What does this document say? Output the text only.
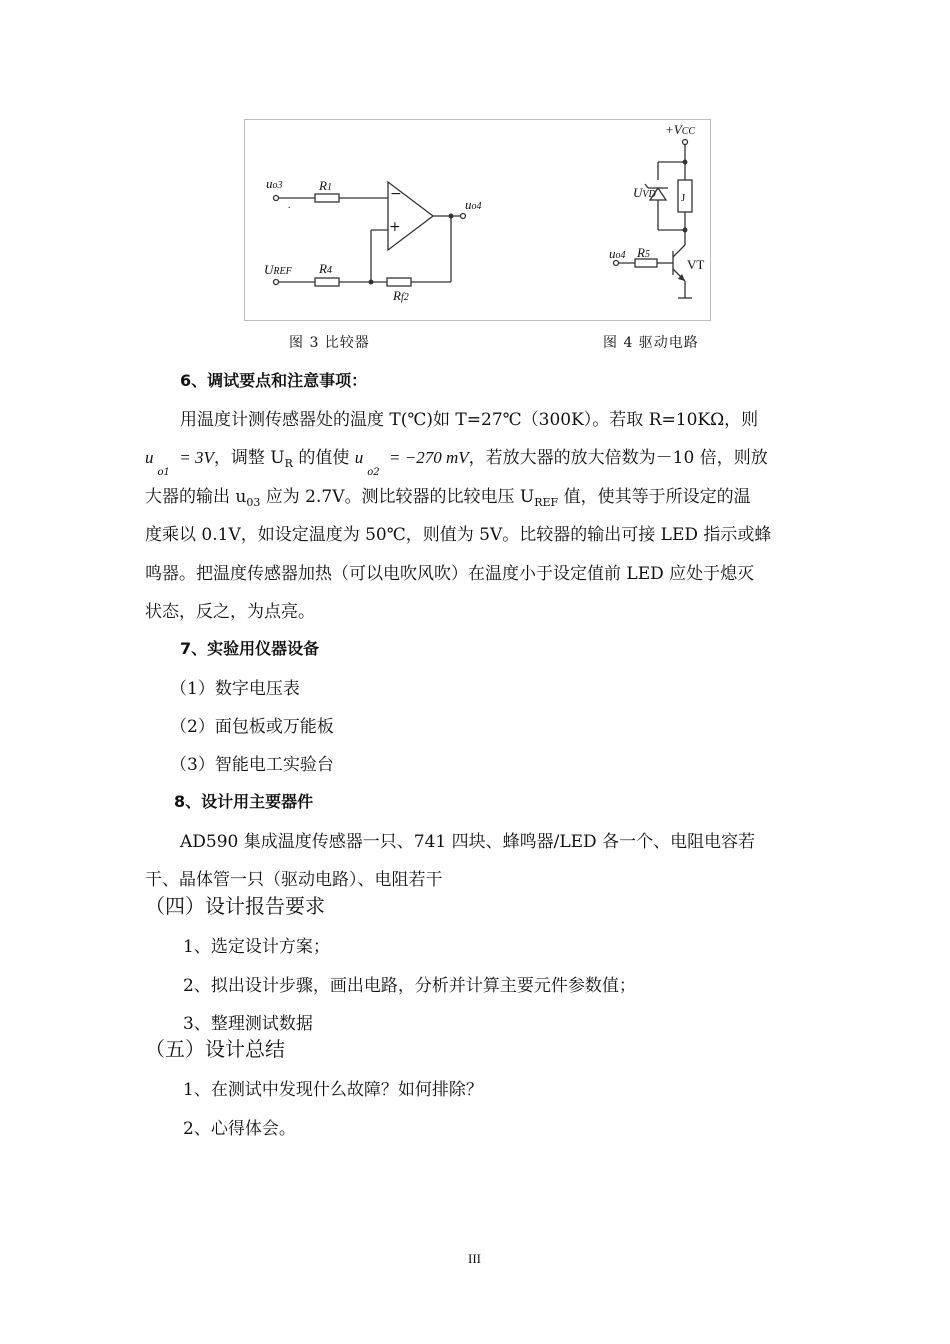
.
uo3	R1	−
+
uo4
UREF R4
Rf2
+VCC
UVD J
uo4 R5
VT
图 3 比较器	图 4 驱动电路
6、调试要点和注意事项：
用温度计测传感器处的温度 T(℃)如 T=27℃（300K）。若取 R=10KΩ，则
$u_{o1} = 3V$，调整 $U_R$ 的值使 $u_{o2} = -270$ mV，若放大器的放大倍数为－10 倍，则放
大器的输出 $u_{03}$ 应为 2.7V。测比较器的比较电压 $U_{REF}$ 值，使其等于所设定的温
度乘以 0.1V，如设定温度为 50℃，则值为 5V。比较器的输出可接 LED 指示或蜂
鸣器。把温度传感器加热（可以电吹风吹）在温度小于设定值前 LED 应处于熄灭
状态，反之，为点亮。
7、实验用仪器设备
（1）数字电压表
（2）面包板或万能板
（3）智能电工实验台
8、设计用主要器件
AD590 集成温度传感器一只、741 四块、蜂鸣器/LED 各一个、电阻电容若
干、晶体管一只（驱动电路）、电阻若干
（四）设计报告要求
1、选定设计方案；
2、拟出设计步骤，画出电路，分析并计算主要元件参数值；
3、整理测试数据
（五）设计总结
1、在测试中发现什么故障？如何排除？
2、心得体会。
III
